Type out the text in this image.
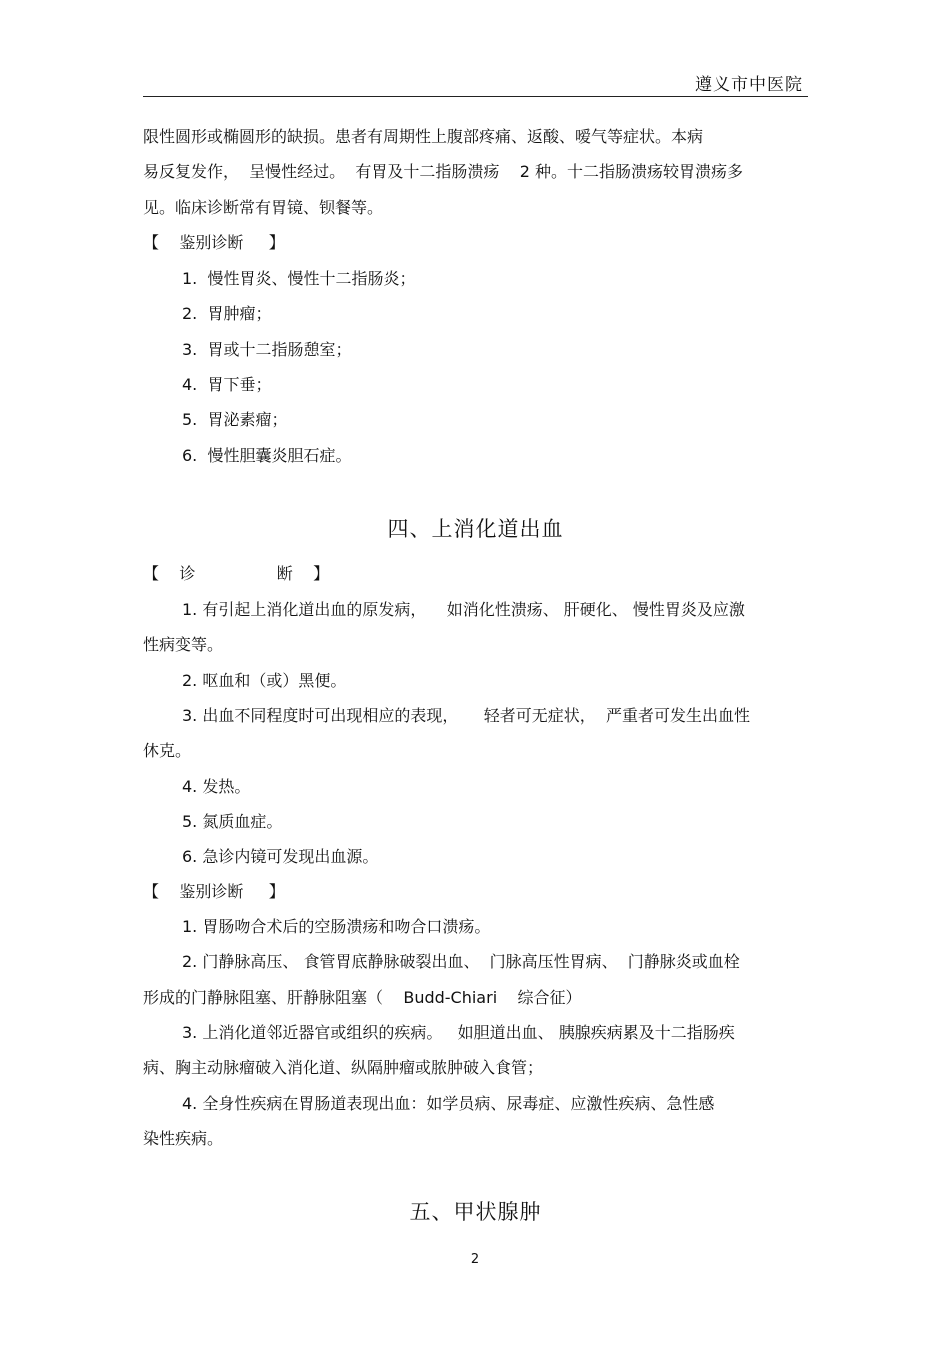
遵义市中医院
限性圆形或椭圆形的缺损。患者有周期性上腹部疼痛、返酸、嗳气等症状。本病
易反复发作，  呈慢性经过。  有胃及十二指肠溃疡    2 种。十二指肠溃疡较胃溃疡多
见。临床诊断常有胃镜、钡餐等。
【    鉴别诊断     】
1.  慢性胃炎、慢性十二指肠炎；
2.  胃肿瘤；
3.  胃或十二指肠憩室；
4.  胃下垂；
5.  胃泌素瘤；
6.  慢性胆囊炎胆石症。
四、上消化道出血
【    诊                断    】
1. 有引起上消化道出血的原发病，    如消化性溃疡、 肝硬化、 慢性胃炎及应激
性病变等。
2. 呕血和（或）黑便。
3. 出血不同程度时可出现相应的表现，     轻者可无症状，  严重者可发生出血性
休克。
4. 发热。
5. 氮质血症。
6. 急诊内镜可发现出血源。
【    鉴别诊断     】
1. 胃肠吻合术后的空肠溃疡和吻合口溃疡。
2. 门静脉高压、 食管胃底静脉破裂出血、  门脉高压性胃病、  门静脉炎或血栓
形成的门静脉阻塞、肝静脉阻塞（    Budd-Chiari    综合征）
3. 上消化道邻近器官或组织的疾病。   如胆道出血、 胰腺疾病累及十二指肠疾
病、胸主动脉瘤破入消化道、纵隔肿瘤或脓肿破入食管；
4. 全身性疾病在胃肠道表现出血：如学员病、尿毒症、应激性疾病、急性感
染性疾病。
五、甲状腺肿
2
